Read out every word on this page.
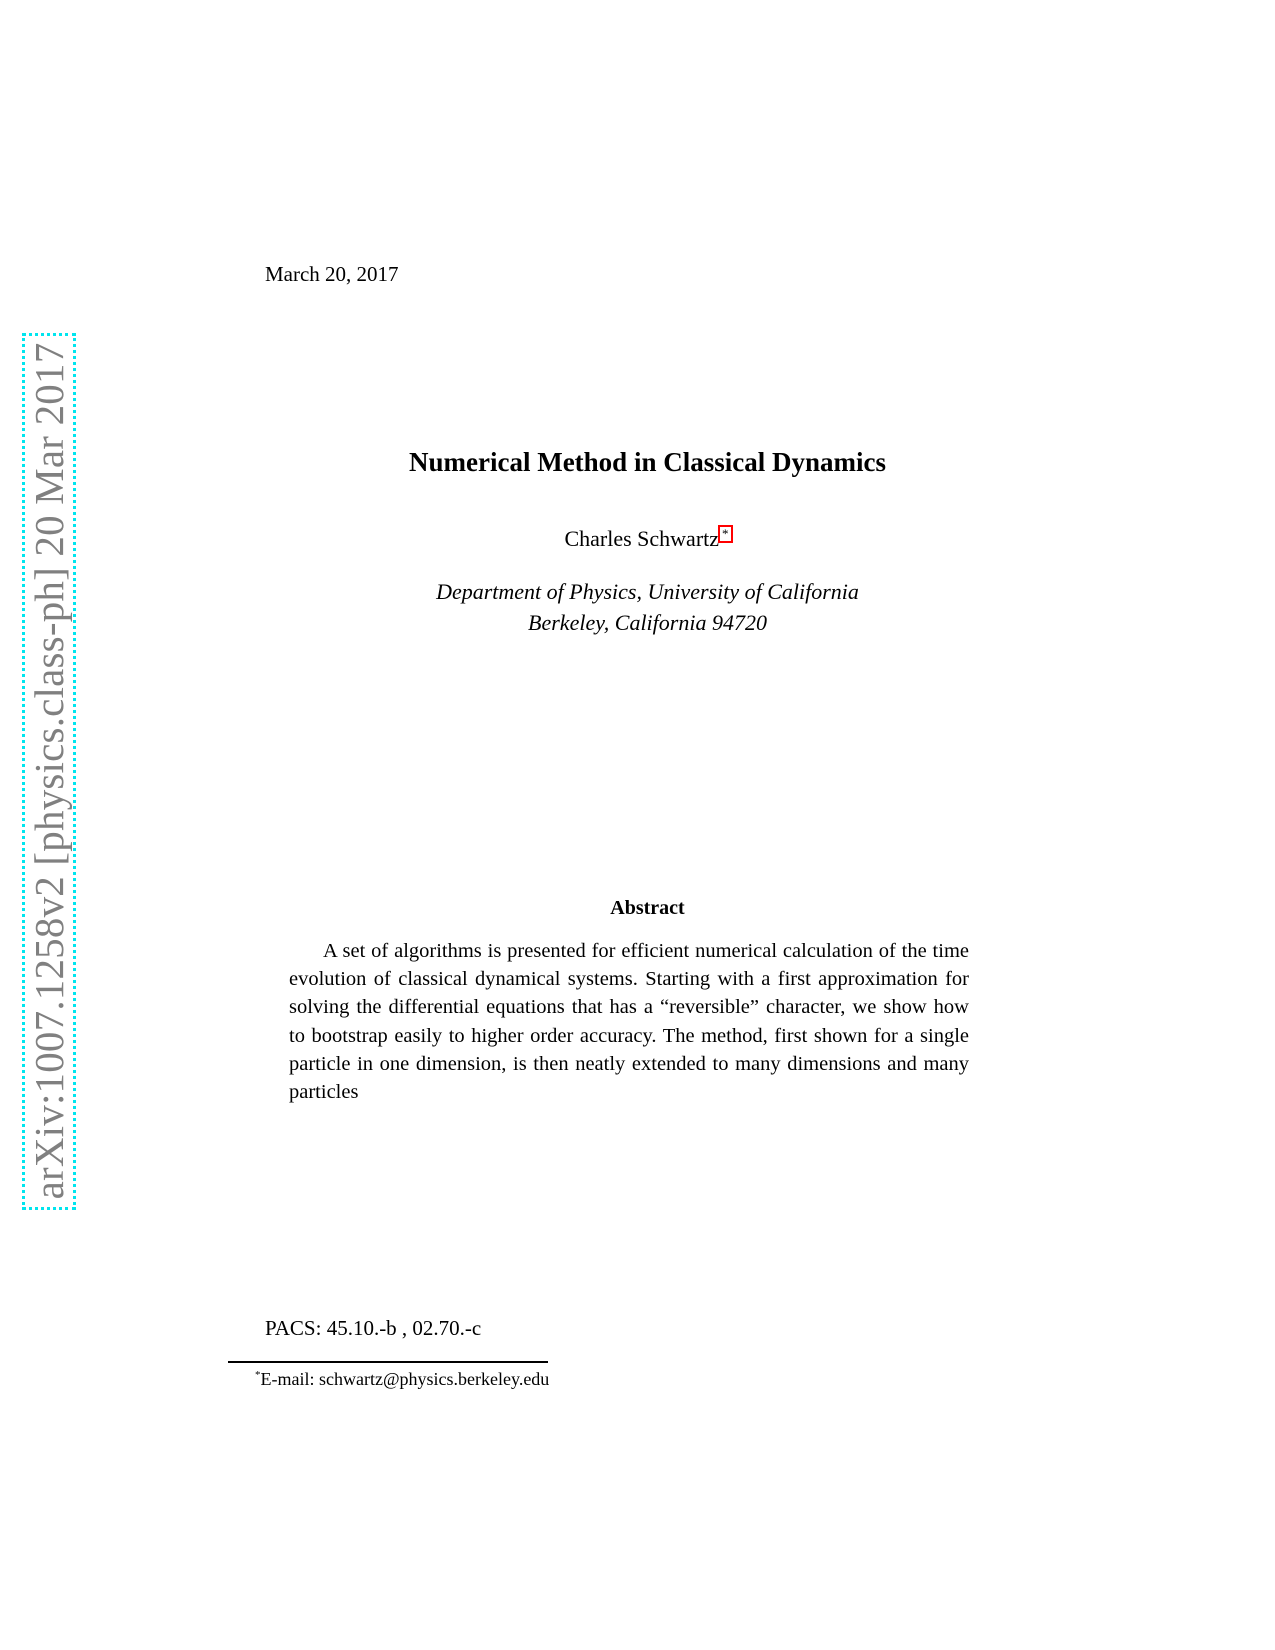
arXiv:1007.1258v2 [physics.class-ph] 20 Mar 2017
March 20, 2017
Numerical Method in Classical Dynamics
Charles Schwartz *
Department of Physics, University of California
Berkeley, California 94720
Abstract
A set of algorithms is presented for efficient numerical calculation of the time evolution of classical dynamical systems. Starting with a first approximation for solving the differential equations that has a “reversible” character, we show how to bootstrap easily to higher order accuracy. The method, first shown for a single particle in one dimension, is then neatly extended to many dimensions and many particles
PACS: 45.10.-b , 02.70.-c
*E-mail: schwartz@physics.berkeley.edu
